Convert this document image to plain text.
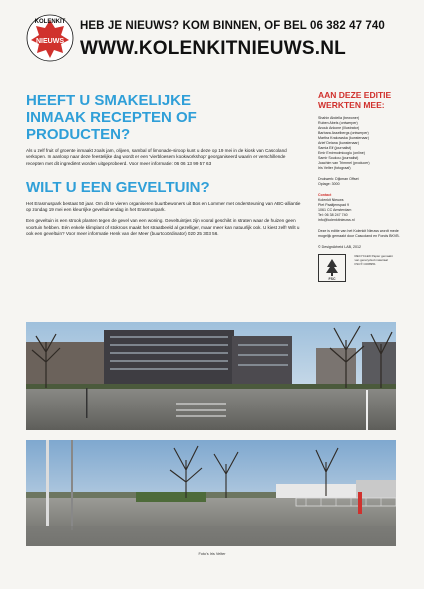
NIEUWS
KOLENKIT HEB JE NIEUWS? KOM BINNEN, OF BEL 06 382 47 740
WWW.KOLENKITNIEUWS.NL
HEEFT U SMAKELIJKE INMAAK RECEPTEN OF PRODUCTEN?

Als u zelf fruit of groente inmaakt zoals jam, olijven, sambal of limonade-siroop kunt u deze op 19 mei in de kiosk van Cascoland verkopen. In aanloop naar deze feestelijke dag wordt er een 'vierbloesem kookworkshop' georganiseerd waarin er verschillende recepten met dit ingrediënt worden uitgeprobeerd. Voor meer informatie: 06 06 13 99 57 63

WILT U EEN GEVELTUIN?

Het Erasmuspark bestaat 50 jaar. Om dit te vieren organiseren buurtbewoners uit Bos en Lommer met ondersteuning van ABC-alliantie op zondag 19 mei een kleurrijke geveltuinendag in het Erasmuspark.

Een geveltuin is een strook planten tegen de gevel van een woning. Geveltuintjes zijn vooral geschikt in straten waar de huizen geen voortuin hebben. Eén enkele klimplant of stokroos maakt het straatbeeld al gezelliger, maar meer kan natuurlijk ook. U kiest zelf! Wilt u ook een geveltuin? Voor meer informatie Henk van der Meer (buurtcoördinator) 020 25 303 56.

AAN DEZE EDITIE WERKTEN MEE:

Shahin Abdella (bewoner)

Ruben Abels (ontwerper)

Anouk Ankone (illustrator)

Barbara Asselbergs (ontwerper)

Martha Krakowska (kunstenaar)

Arief Deiana (kunstenaar)

Samia Elf (journalist)

Emir Emirmolmicoglu (online)

Samir Soukou (journalist)

Joachim van Trimmel (producer)

Iris Velter (fotograaf)

Drukwerk: Dijkman Offset

Oplage: 3000

Contact

Kolenkit Nieuws

Piet Paaltjenspad 9

1061 CC Amsterdam

Tel: 06 38 247 740

info@kolenkitnieuws.nl

Deze is editie van het Kolenkit Nieuws wordt mede mogelijk gemaakt door Cascoland en Fonds BKVB.

© DesignArbeid LAB, 2012

FSC
RECYCLED Papier gemaakt van gerecycled materiaal FSC® C008951
Foto's Iris Velter
